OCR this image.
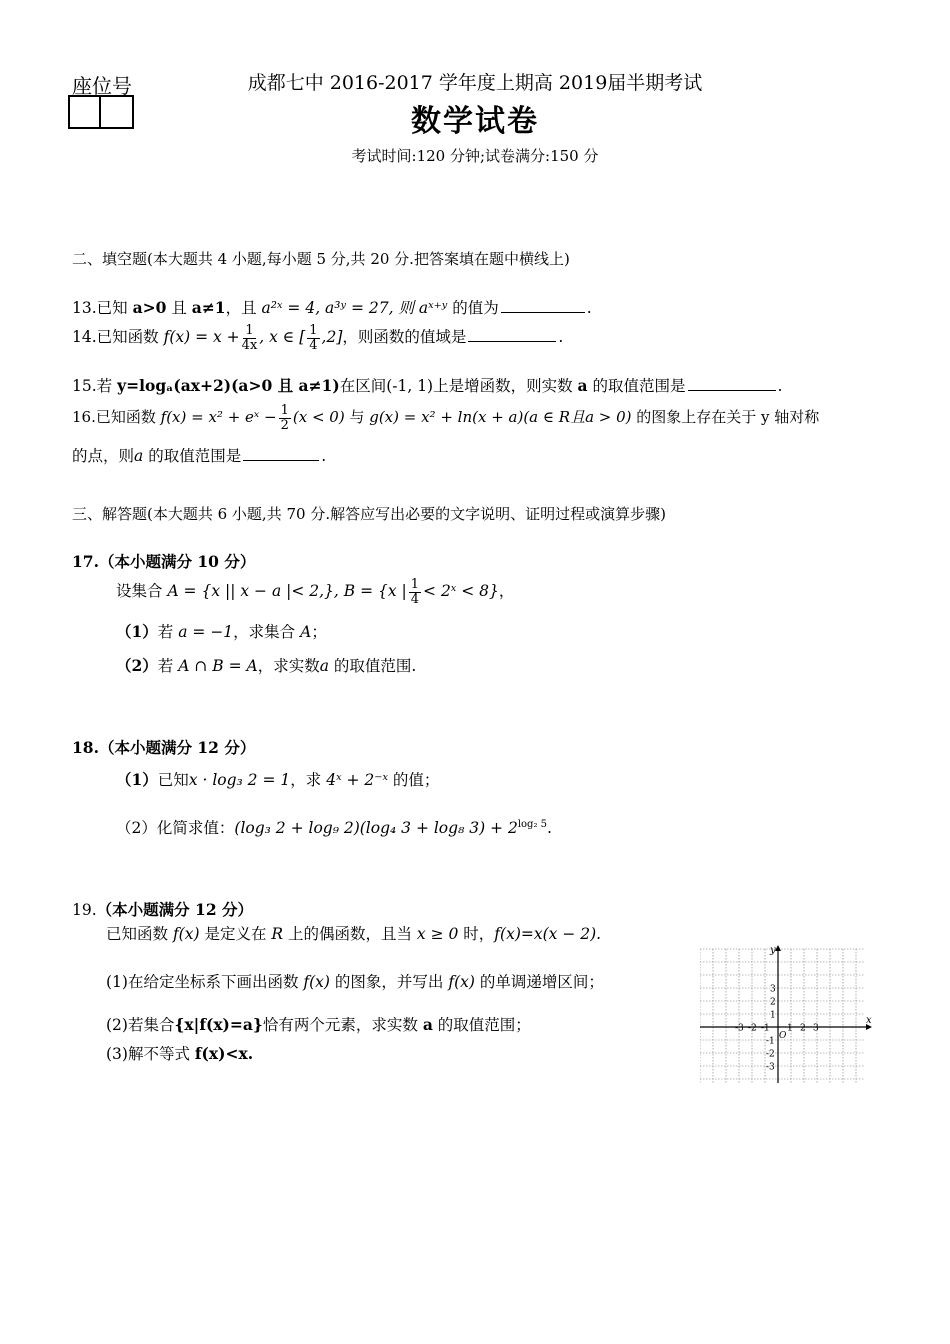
座位号	成都七中 2016-2017 学年度上期高 2019届半期考试
数学试卷
考试时间:120 分钟;试卷满分:150 分
二、填空题(本大题共 4 小题,每小题 5 分,共 20 分.把答案填在题中横线上)
13.已知 a>0 且 a≠1，且 a²ˣ = 4, a³ʸ = 27, 则 aˣ⁺ʸ 的值为	.
14.已知函数 $f(x) = x + \frac{1}{4x}$ , x ∈ [ $\frac{1}{4} ,2$]，则函数的值域是	.
15.若 y=logₐ(ax+2)(a>0 且 a≠1)在区间(-1, 1)上是增函数，则实数 a 的取值范围是	.
16.已知函数 f(x) = x² + eˣ − $\frac{1}{2} (x < 0)$ 与 g(x) = x² + ln(x + a)(a ∈ R且a > 0) 的图象上存在关于 y 轴对称
的点，则a 的取值范围是	.
三、解答题(本大题共 6 小题,共 70 分.解答应写出必要的文字说明、证明过程或演算步骤)
17.（本小题满分 10 分）
设集合 A = {x || x − a |< 2,}, B = {x | $\frac{1}{4}$ < 2ˣ < 8}，
（1）若 a = −1，求集合 A；
（2）若 A ∩ B = A，求实数a 的取值范围.
18.（本小题满分 12 分）
（1）已知x · log₃ 2 = 1，求 4ˣ + 2⁻ˣ 的值；
（2）化简求值：(log₃ 2 + log₉ 2)(log₄ 3 + log₈ $3) + 2^{log_2 5}$.
19.（本小题满分 12 分）
已知函数 f(x) 是定义在 R 上的偶函数，且当 x ≥ 0 时，f(x)=x(x − 2).
(1)在给定坐标系下画出函数 f(x) 的图象，并写出 f(x) 的单调递增区间；
(2)若集合{x|f(x)=a}恰有两个元素，求实数 a 的取值范围；
(3)解不等式 f(x)<x.
x
y
O
-3 -2 -1 1 2 3
3
2
1
-1
-2
-3
